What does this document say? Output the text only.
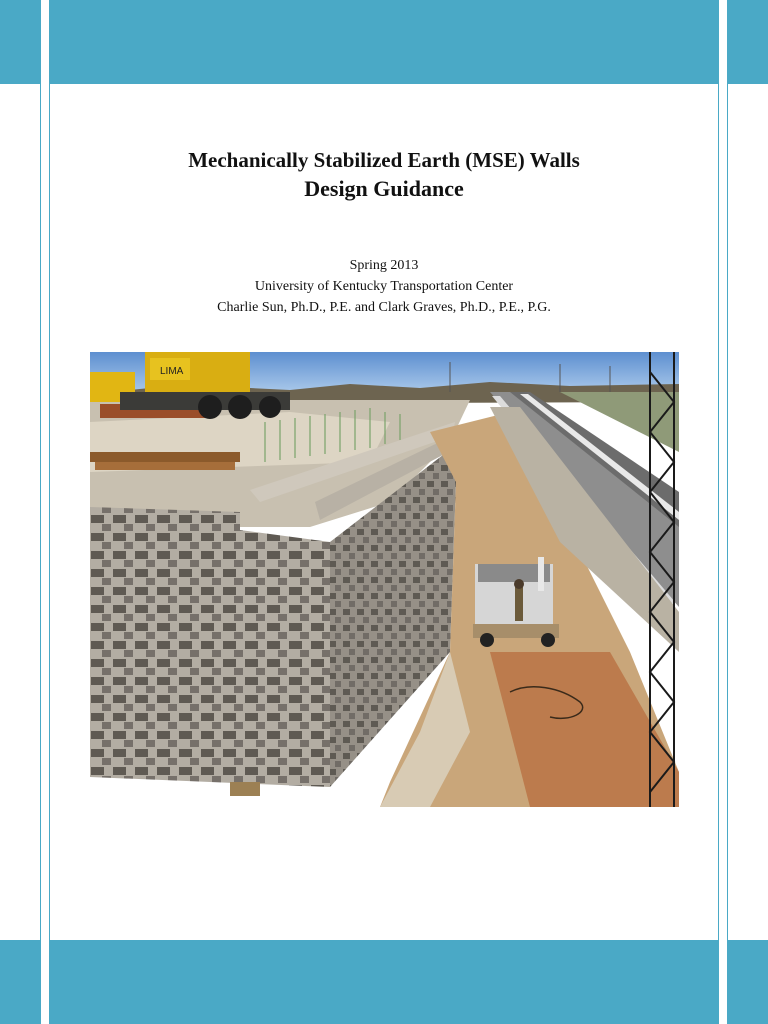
Mechanically Stabilized Earth (MSE) Walls
Design Guidance
Spring 2013
University of Kentucky Transportation Center
Charlie Sun, Ph.D., P.E. and Clark Graves, Ph.D., P.E., P.G.
LIMA
